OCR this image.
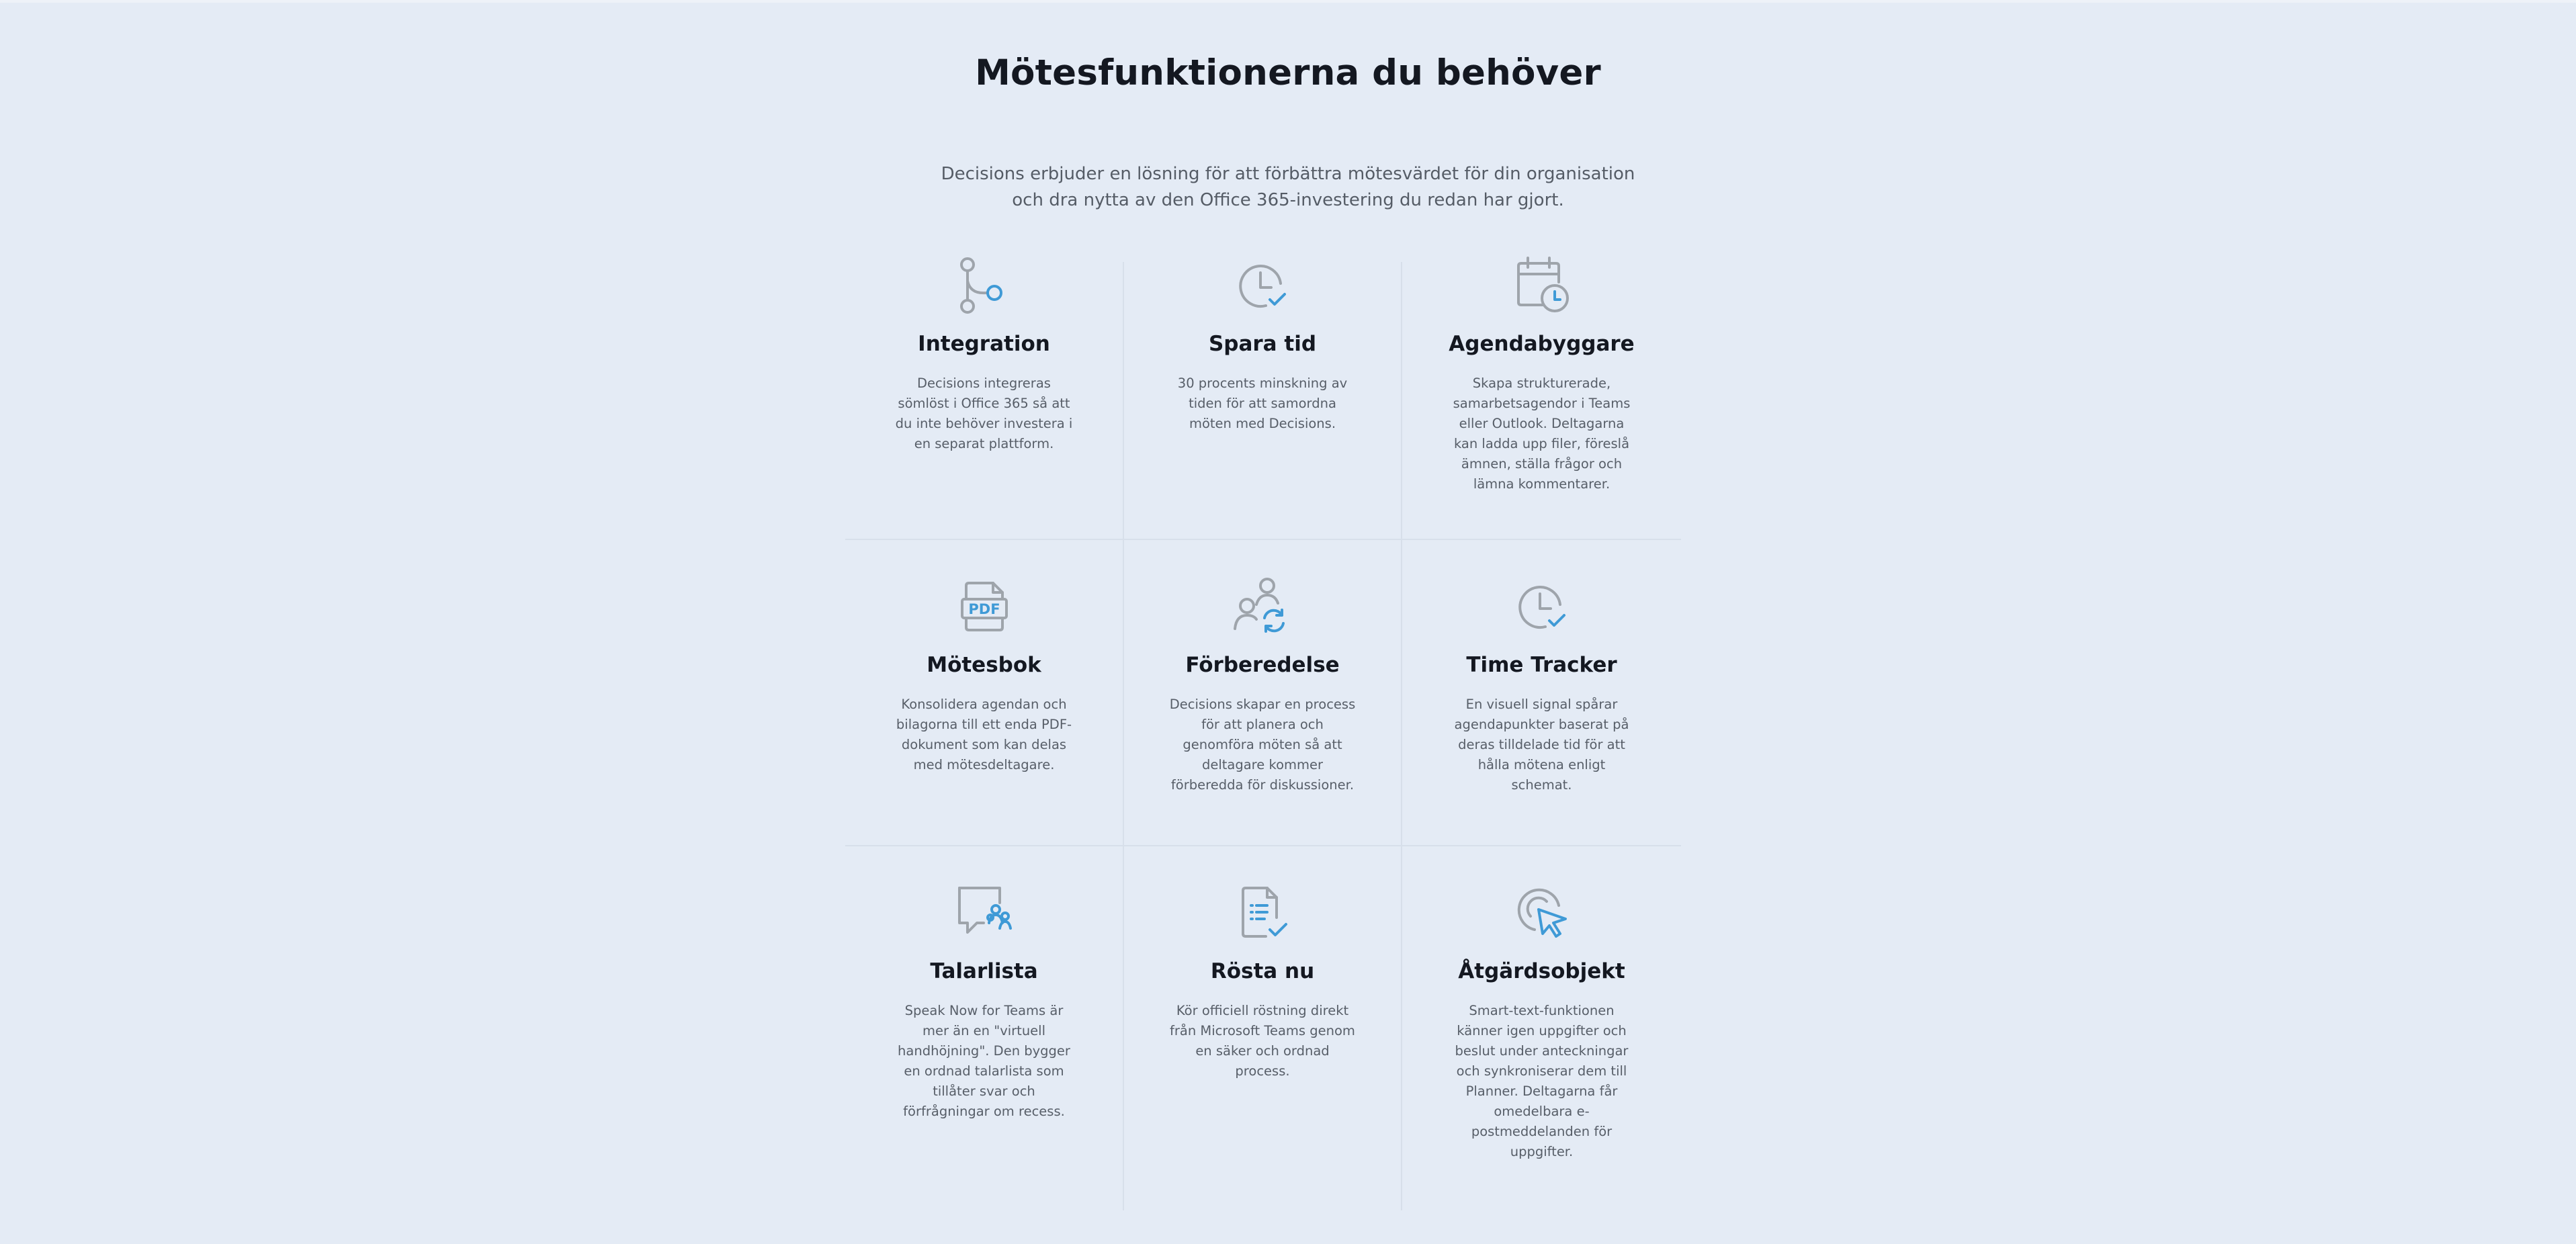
Mötesfunktionerna du behöver

Decisions erbjuder en lösning för att förbättra mötesvärdet för din organisation och dra nytta av den Office 365-investering du redan har gjort.

Integration
Decisions integreras sömlöst i Office 365 så att du inte behöver investera i en separat plattform.
Spara tid
30 procents minskning av tiden för att samordna möten med Decisions.
Agendabyggare
Skapa strukturerade, samarbetsagendor i Teams eller Outlook. Deltagarna kan ladda upp filer, föreslå ämnen, ställa frågor och lämna kommentarer.
PDF
Mötesbok
Konsolidera agendan och bilagorna till ett enda PDF-dokument som kan delas med mötesdeltagare.
Förberedelse
Decisions skapar en process för att planera och genomföra möten så att deltagare kommer förberedda för diskussioner.
Time Tracker
En visuell signal spårar agendapunkter baserat på deras tilldelade tid för att hålla mötena enligt schemat.
Talarlista
Speak Now for Teams är mer än en "virtuell handhöjning". Den bygger en ordnad talarlista som tillåter svar och förfrågningar om recess.
Rösta nu
Kör officiell röstning direkt från Microsoft Teams genom en säker och ordnad process.
Åtgärdsobjekt
Smart-text-funktionen känner igen uppgifter och beslut under anteckningar och synkroniserar dem till Planner. Deltagarna får omedelbara e-postmeddelanden för uppgifter.
